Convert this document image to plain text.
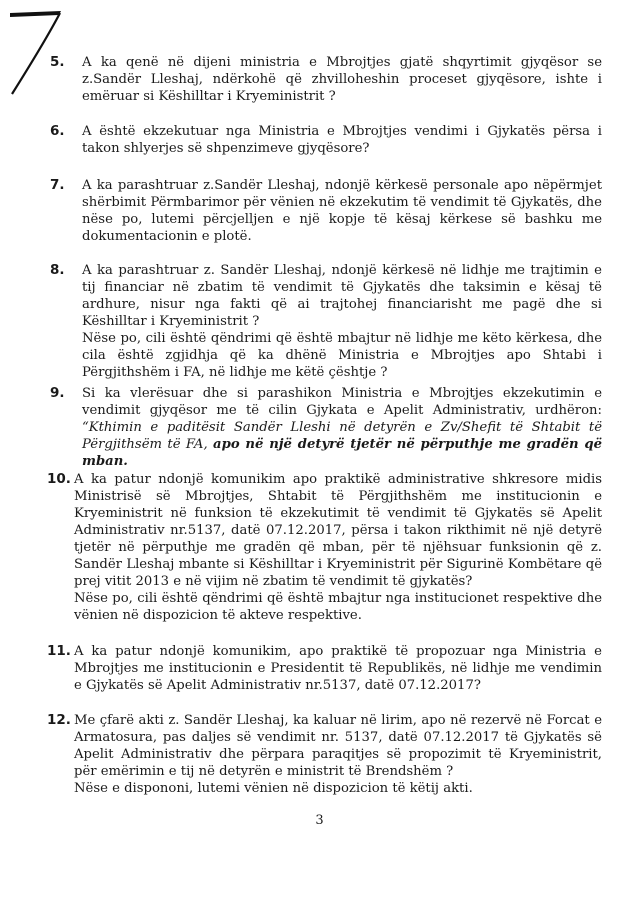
5.	A ka qenë në dijeni ministria e Mbrojtjes gjatë shqyrtimit gjyqësor se z.Sandër Lleshaj, ndërkohë që zhvilloheshin proceset gjyqësore, ishte i emëruar si Këshilltar i Kryeministrit ?

6.	A është ekzekutuar nga Ministria e Mbrojtjes vendimi i Gjykatës përsa i takon shlyerjes së shpenzimeve gjyqësore?

7.	A ka parashtruar z.Sandër Lleshaj, ndonjë kërkesë personale apo nëpërmjet shërbimit Përmbarimor për vënien në ekzekutim të vendimit të Gjykatës, dhe nëse po, lutemi përcjelljen e një kopje të kësaj kërkese së bashku me dokumentacionin e plotë.

8.	A ka parashtruar z. Sandër Lleshaj, ndonjë kërkesë në lidhje me trajtimin e tij financiar në zbatim të vendimit të Gjykatës dhe taksimin e kësaj të ardhure, nisur nga fakti që ai trajtohej financiarisht me pagë dhe si Këshilltar i Kryeministrit ?

Nëse po, cili është qëndrimi që është mbajtur në lidhje me këto kërkesa, dhe cila është zgjidhja që ka dhënë Ministria e Mbrojtjes apo Shtabi i Përgjithshëm i FA, në lidhje me këtë çështje ?

9.	Si ka vlerësuar dhe si parashikon Ministria e Mbrojtjes ekzekutimin e vendimit gjyqësor me të cilin Gjykata e Apelit Administrativ, urdhëron: “Kthimin e paditësit Sandër Lleshi në detyrën e Zv/Shefit të Shtabit të Përgjithsëm të FA, apo në një detyrë tjetër në përputhje me gradën që mban.

10. A ka patur ndonjë komunikim apo praktikë administrative shkresore midis Ministrisë së Mbrojtjes, Shtabit të Përgjithshëm me institucionin e Kryeministrit në funksion të ekzekutimit të vendimit të Gjykatës së Apelit Administrativ nr.5137, datë 07.12.2017, përsa i takon rikthimit në një detyrë tjetër në përputhje me gradën që mban, për të njëhsuar funksionin që z. Sandër Lleshaj mbante si Këshilltar i Kryeministrit për Sigurinë Kombëtare që prej vitit 2013 e në vijim në zbatim të vendimit të gjykatës?

Nëse po, cili është qëndrimi që është mbajtur nga institucionet respektive dhe vënien në dispozicion të akteve respektive.

11. A ka patur ndonjë komunikim, apo praktikë të propozuar nga Ministria e Mbrojtjes me institucionin e Presidentit të Republikës, në lidhje me vendimin e Gjykatës së Apelit Administrativ nr.5137, datë 07.12.2017?

12. Me çfarë akti z. Sandër Lleshaj, ka kaluar në lirim, apo në rezervë në Forcat e Armatosura, pas daljes së vendimit nr. 5137, datë 07.12.2017 të Gjykatës së Apelit Administrativ dhe përpara paraqitjes së propozimit të Kryeministrit, për emërimin e tij në detyrën e ministrit të Brendshëm ?

Nëse e dispononi, lutemi vënien në dispozicion të këtij akti.

3
